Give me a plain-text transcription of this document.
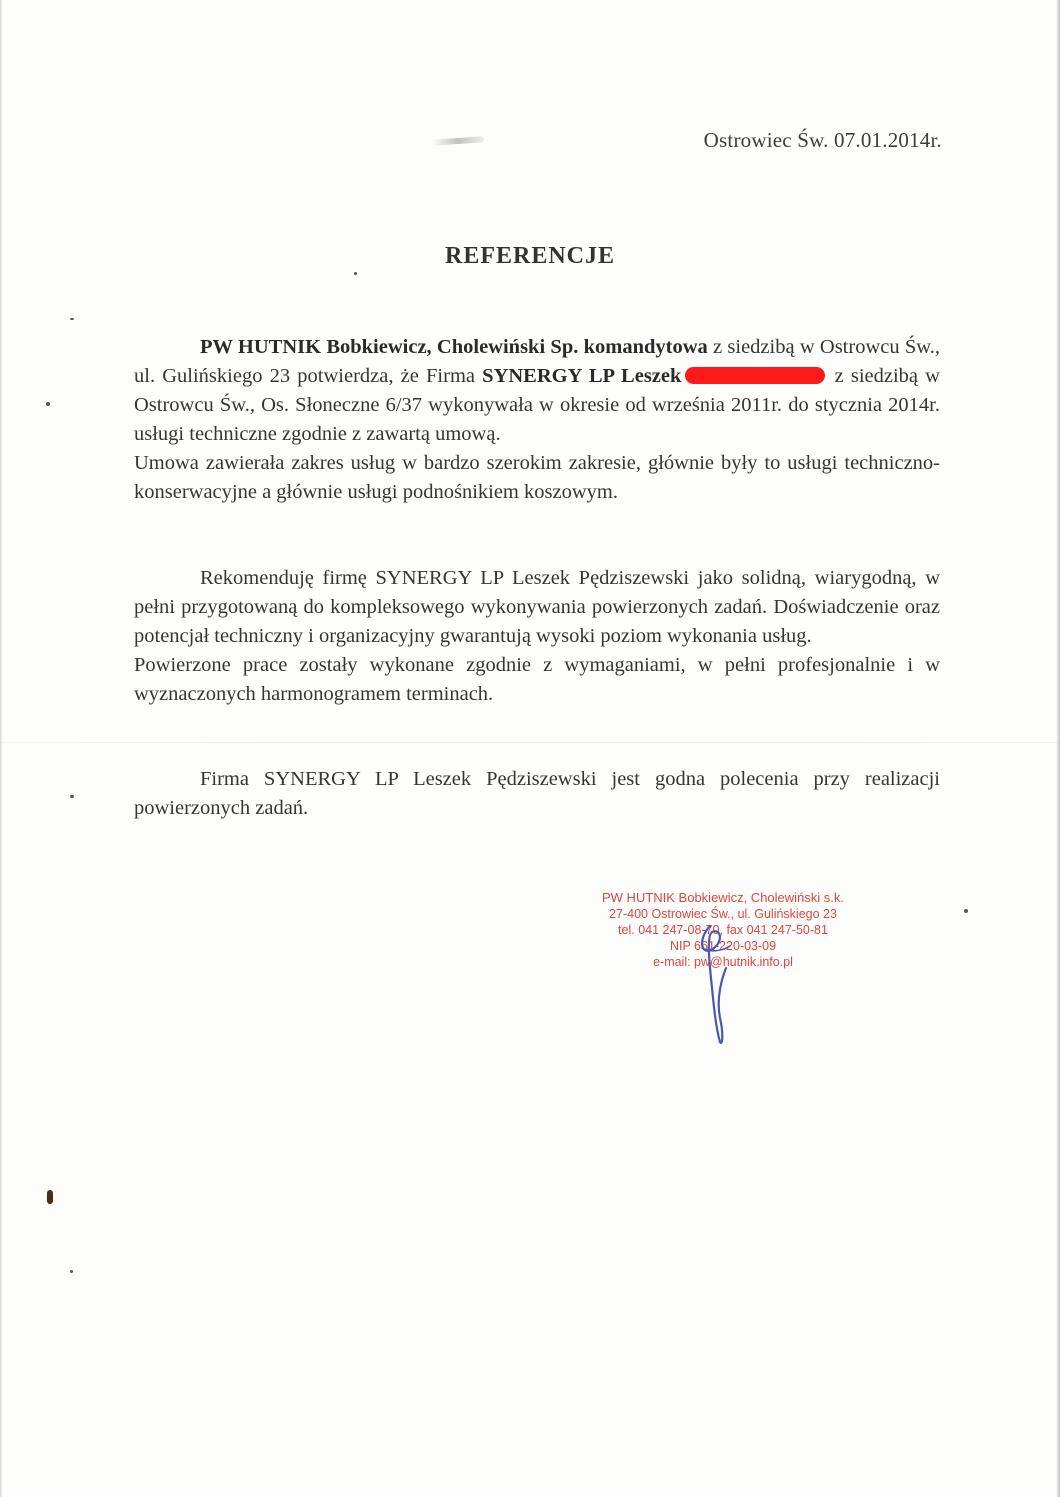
Ostrowiec Św. 07.01.2014r.
REFERENCJE

PW HUTNIK Bobkiewicz, Cholewiński Sp. komandytowa z siedzibą w Ostrowcu Św., ul. Gulińskiego 23 potwierdza, że Firma SYNERGY LP Leszek	z siedzibą w Ostrowcu Św., Os. Słoneczne 6/37 wykonywała w okresie od września 2011r. do stycznia 2014r. usługi techniczne zgodnie z zawartą umową.

Umowa zawierała zakres usług w bardzo szerokim zakresie, głównie były to usługi techniczno-konserwacyjne a głównie usługi podnośnikiem koszowym.

Rekomenduję firmę SYNERGY LP Leszek Pędziszewski jako solidną, wiarygodną, w pełni przygotowaną do kompleksowego wykonywania powierzonych zadań. Doświadczenie oraz potencjał techniczny i organizacyjny gwarantują wysoki poziom wykonania usług.

Powierzone prace zostały wykonane zgodnie z wymaganiami, w pełni profesjonalnie i w wyznaczonych harmonogramem terminach.

Firma SYNERGY LP Leszek Pędziszewski jest godna polecenia przy realizacji powierzonych zadań.

PW HUTNIK Bobkiewicz, Cholewiński s.k.
27-400 Ostrowiec Św., ul. Gulińskiego 23
tel. 041 247-08-70, fax 041 247-50-81
NIP 661-220-03-09
e-mail: pw@hutnik.info.pl
